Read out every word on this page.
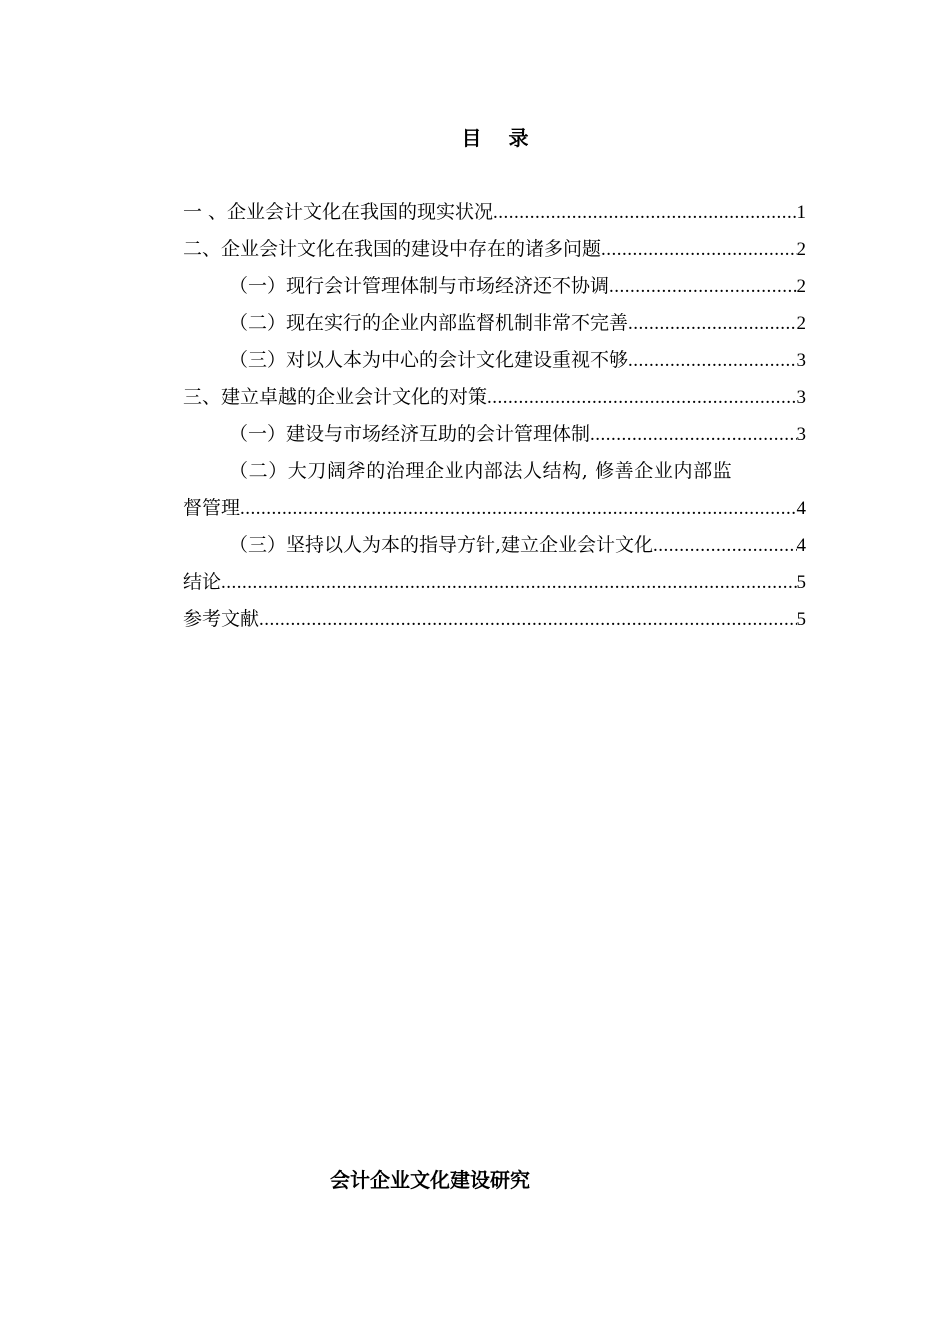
目 录
一 、企业会计文化在我国的现实状况 .....	1
二、企业会计文化在我国的建设中存在的诸多问题 .....	2
（一）现行会计管理体制与市场经济还不协调 .....	2
（二）现在实行的企业内部监督机制非常不完善 .....	2
（三）对以人本为中心的会计文化建设重视不够 .....	3
三、建立卓越的企业会计文化的对策 .....	3
（一）建设与市场经济互助的会计管理体制 .....	3
（二）大刀阔斧的治理企业内部法人结构, 修善企业内部监
督管理 .....	4
（三）坚持以人为本的指导方针,建立企业会计文化 .....	4
结论 .....	5
参考文献 .....	5
会计企业文化建设研究
